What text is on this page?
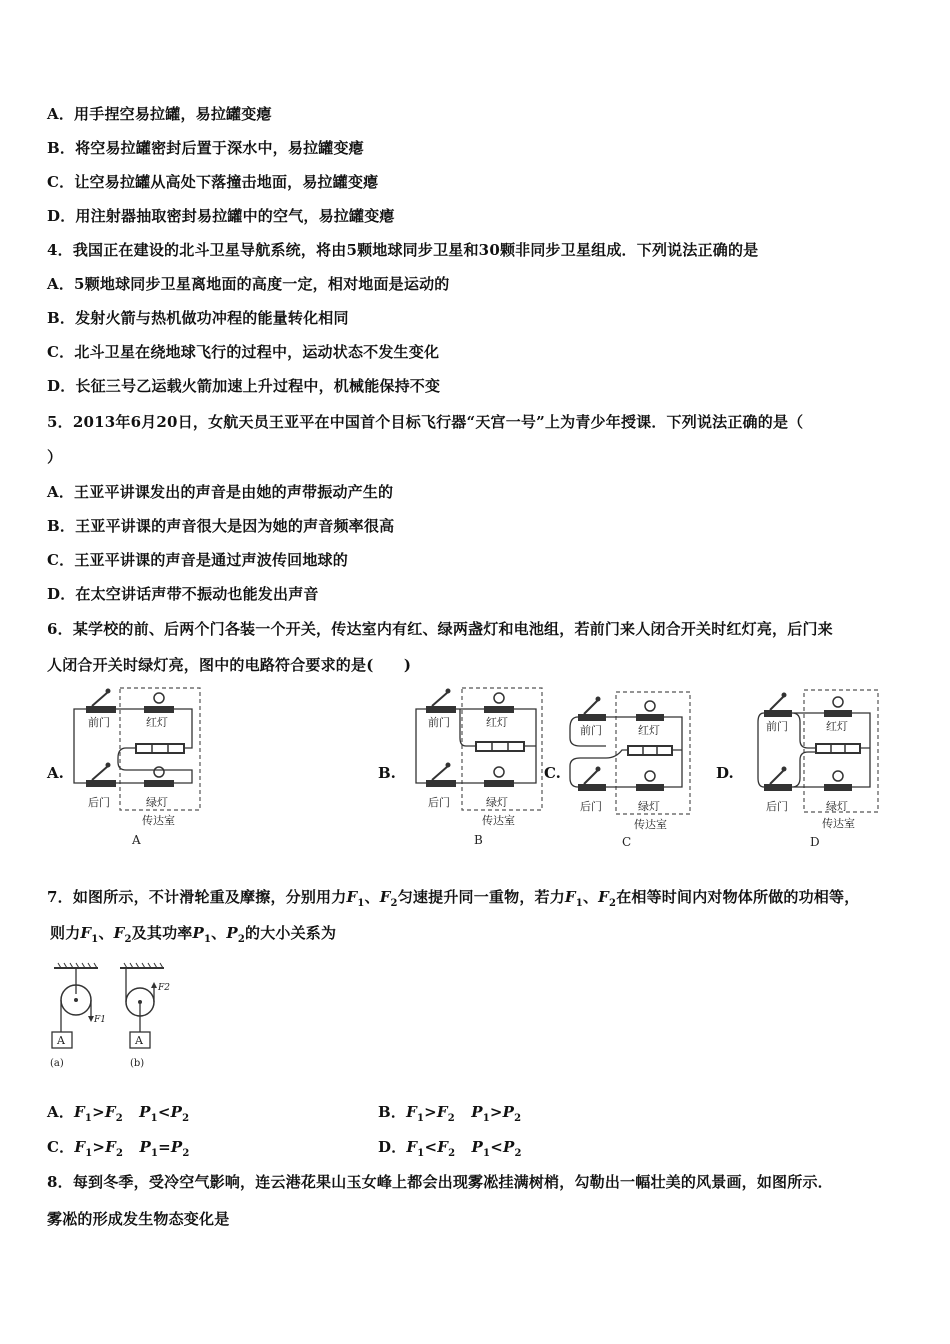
A．用手捏空易拉罐，易拉罐变瘪
B．将空易拉罐密封后置于深水中，易拉罐变瘪
C．让空易拉罐从高处下落撞击地面，易拉罐变瘪
D．用注射器抽取密封易拉罐中的空气，易拉罐变瘪
4．我国正在建设的北斗卫星导航系统，将由5颗地球同步卫星和30颗非同步卫星组成．下列说法正确的是
A．5颗地球同步卫星离地面的高度一定，相对地面是运动的
B．发射火箭与热机做功冲程的能量转化相同
C．北斗卫星在绕地球飞行的过程中，运动状态不发生变化
D．长征三号乙运载火箭加速上升过程中，机械能保持不变
5．2013年6月20日，女航天员王亚平在中国首个目标飞行器“天宫一号”上为青少年授课．下列说法正确的是（
）
A．王亚平讲课发出的声音是由她的声带振动产生的
B．王亚平讲课的声音很大是因为她的声音频率很高
C．王亚平讲课的声音是通过声波传回地球的
D．在太空讲话声带不振动也能发出声音
6．某学校的前、后两个门各装一个开关，传达室内有红、绿两盏灯和电池组，若前门来人闭合开关时红灯亮，后门来
人闭合开关时绿灯亮，图中的电路符合要求的是(　　)
A.	B.	C.	D.
前门	红灯
后门	绿灯
传达室
A
前门	红灯
后门	绿灯
传达室
B
前门	红灯
后门	绿灯
传达室
C
前门	红灯
后门	绿灯
传达室
D
7．如图所示，不计滑轮重及摩擦，分别用力$F_1$、$F_2$匀速提升同一重物，若力$F_1$、$F_2$在相等时间内对物体所做的功相等，
则力$F_1$、$F_2$及其功率$P_1$、$P_2$的大小关系为
F1
A
(a)
F2
A
(b)
A．$F_1>F_2$ $P_1<P_2$	B．$F_1>F_2$ $P_1>P_2$
C．$F_1>F_2$ $P_1=P_2$	D．$F_1<F_2$ $P_1<P_2$
8．每到冬季，受冷空气影响，连云港花果山玉女峰上都会出现雾凇挂满树梢，勾勒出一幅壮美的风景画，如图所示．
雾凇的形成发生物态变化是
